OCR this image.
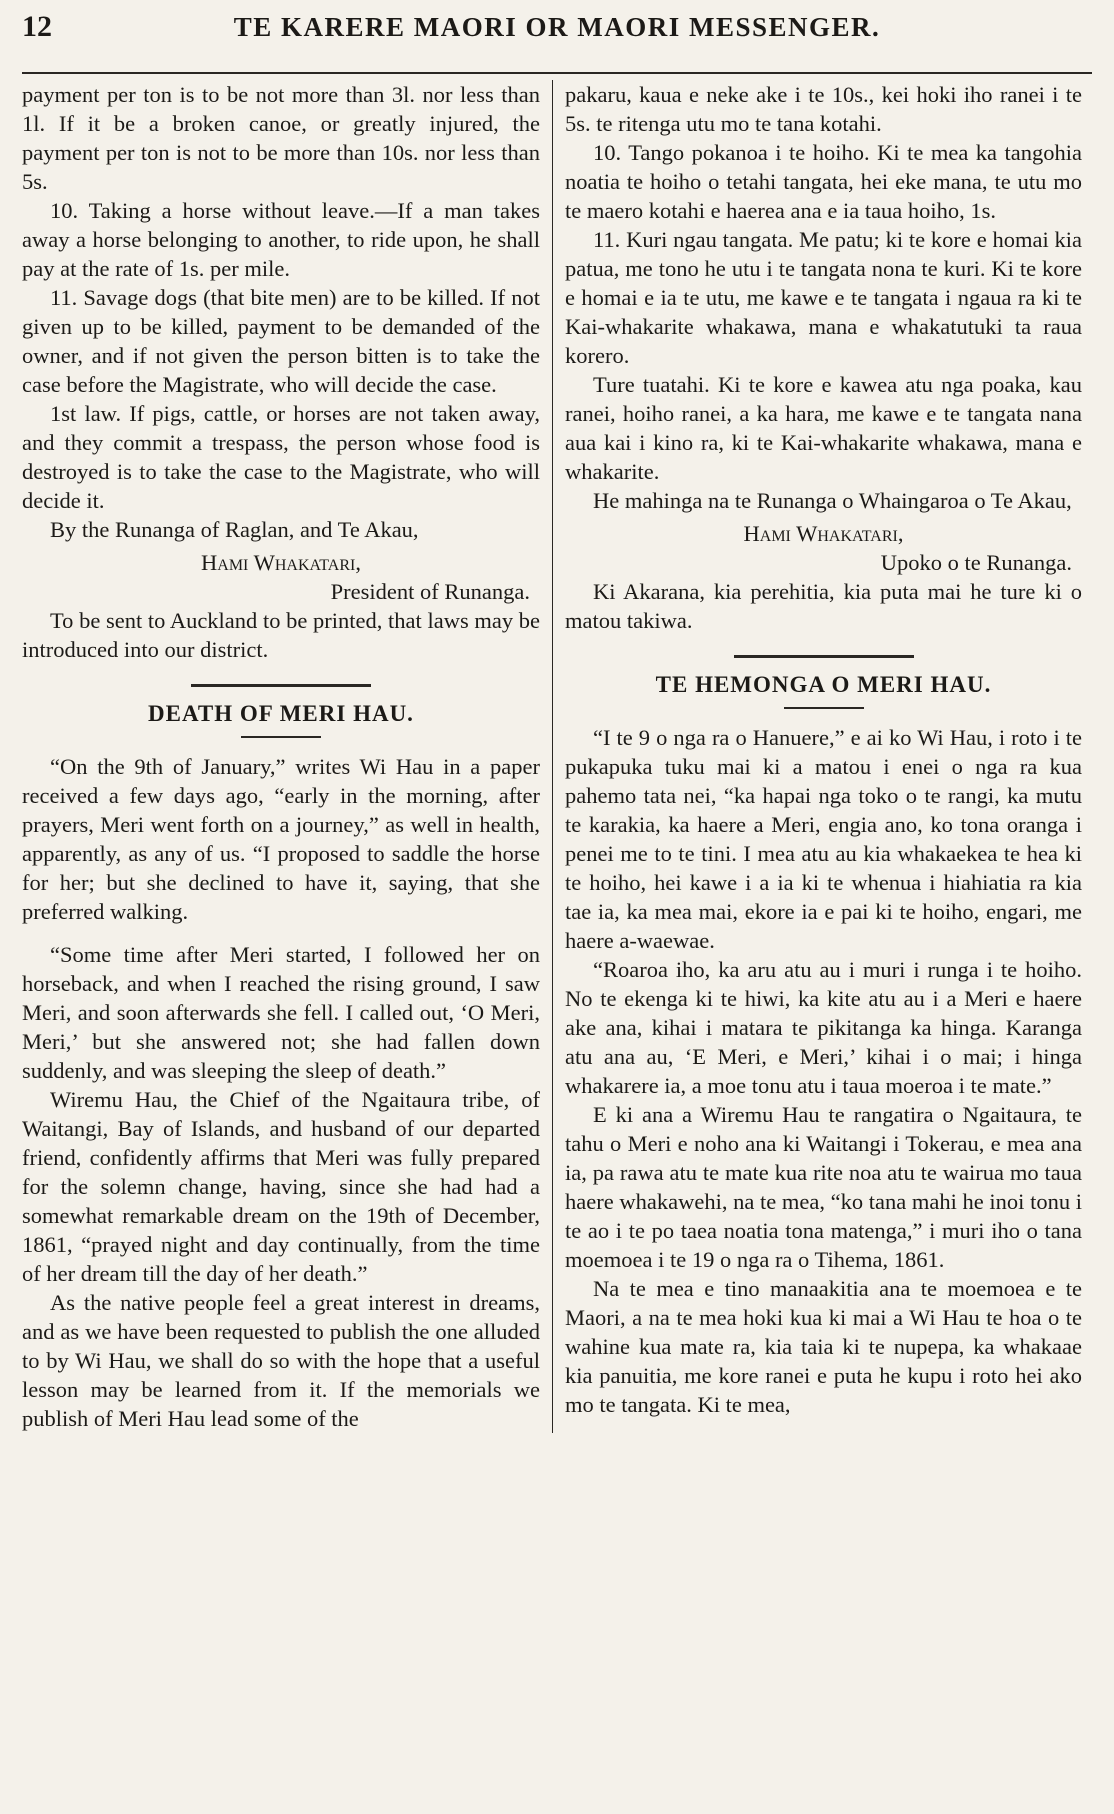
12	TE KARERE MAORI OR MAORI MESSENGER.

payment per ton is to be not more than 3l. nor less than 1l. If it be a broken canoe, or greatly injured, the payment per ton is not to be more than 10s. nor less than 5s.

10. Taking a horse without leave.—If a man takes away a horse belonging to another, to ride upon, he shall pay at the rate of 1s. per mile.

11. Savage dogs (that bite men) are to be killed. If not given up to be killed, payment to be demanded of the owner, and if not given the person bitten is to take the case before the Magistrate, who will decide the case.

1st law. If pigs, cattle, or horses are not taken away, and they commit a trespass, the person whose food is destroyed is to take the case to the Magistrate, who will decide it.

By the Runanga of Raglan, and Te Akau,

Hami Whakatari,
President of Runanga.

To be sent to Auckland to be printed, that laws may be introduced into our district.

DEATH OF MERI HAU.

“On the 9th of January,” writes Wi Hau in a paper received a few days ago, “early in the morning, after prayers, Meri went forth on a journey,” as well in health, apparently, as any of us. “I proposed to saddle the horse for her; but she declined to have it, saying, that she preferred walking.

“Some time after Meri started, I followed her on horseback, and when I reached the rising ground, I saw Meri, and soon afterwards she fell. I called out, ‘O Meri, Meri,’ but she answered not; she had fallen down suddenly, and was sleeping the sleep of death.”

Wiremu Hau, the Chief of the Ngaitaura tribe, of Waitangi, Bay of Islands, and husband of our departed friend, confidently affirms that Meri was fully prepared for the solemn change, having, since she had had a somewhat remarkable dream on the 19th of December, 1861, “prayed night and day continually, from the time of her dream till the day of her death.”

As the native people feel a great interest in dreams, and as we have been requested to publish the one alluded to by Wi Hau, we shall do so with the hope that a useful lesson may be learned from it. If the memorials we publish of Meri Hau lead some of the

pakaru, kaua e neke ake i te 10s., kei hoki iho ranei i te 5s. te ritenga utu mo te tana kotahi.

10. Tango pokanoa i te hoiho. Ki te mea ka tangohia noatia te hoiho o tetahi tangata, hei eke mana, te utu mo te maero kotahi e haerea ana e ia taua hoiho, 1s.

11. Kuri ngau tangata. Me patu; ki te kore e homai kia patua, me tono he utu i te tangata nona te kuri. Ki te kore e homai e ia te utu, me kawe e te tangata i ngaua ra ki te Kai-whakarite whakawa, mana e whakatutuki ta raua korero.

Ture tuatahi. Ki te kore e kawea atu nga poaka, kau ranei, hoiho ranei, a ka hara, me kawe e te tangata nana aua kai i kino ra, ki te Kai-whakarite whakawa, mana e whakarite.

He mahinga na te Runanga o Whaingaroa o Te Akau,

Hami Whakatari,
Upoko o te Runanga.

Ki Akarana, kia perehitia, kia puta mai he ture ki o matou takiwa.

TE HEMONGA O MERI HAU.

“I te 9 o nga ra o Hanuere,” e ai ko Wi Hau, i roto i te pukapuka tuku mai ki a matou i enei o nga ra kua pahemo tata nei, “ka hapai nga toko o te rangi, ka mutu te karakia, ka haere a Meri, engia ano, ko tona oranga i penei me to te tini. I mea atu au kia whakaekea te hea ki te hoiho, hei kawe i a ia ki te whenua i hiahiatia ra kia tae ia, ka mea mai, ekore ia e pai ki te hoiho, engari, me haere a-waewae.

“Roaroa iho, ka aru atu au i muri i runga i te hoiho. No te ekenga ki te hiwi, ka kite atu au i a Meri e haere ake ana, kihai i matara te pikitanga ka hinga. Karanga atu ana au, ‘E Meri, e Meri,’ kihai i o mai; i hinga whakarere ia, a moe tonu atu i taua moeroa i te mate.”

E ki ana a Wiremu Hau te rangatira o Ngaitaura, te tahu o Meri e noho ana ki Waitangi i Tokerau, e mea ana ia, pa rawa atu te mate kua rite noa atu te wairua mo taua haere whakawehi, na te mea, “ko tana mahi he inoi tonu i te ao i te po taea noatia tona matenga,” i muri iho o tana moemoea i te 19 o nga ra o Tihema, 1861.

Na te mea e tino manaakitia ana te moemoea e te Maori, a na te mea hoki kua ki mai a Wi Hau te hoa o te wahine kua mate ra, kia taia ki te nupepa, ka whakaae kia panuitia, me kore ranei e puta he kupu i roto hei ako mo te tangata. Ki te mea,
